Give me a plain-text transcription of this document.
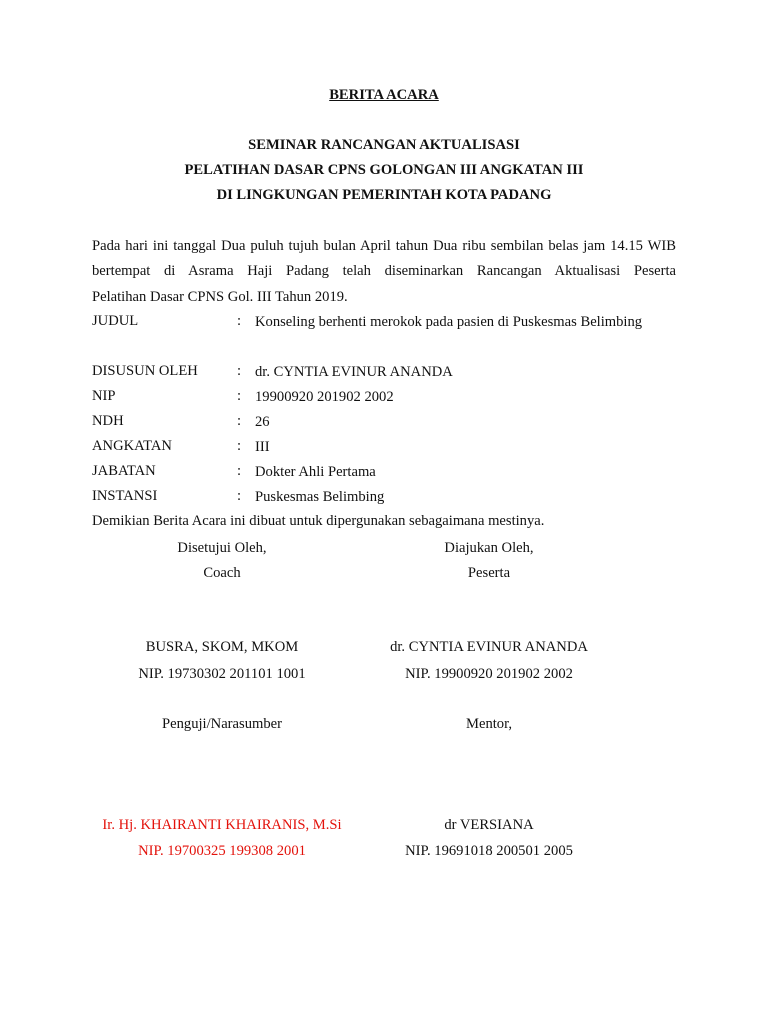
BERITA ACARA
SEMINAR RANCANGAN AKTUALISASI
PELATIHAN DASAR CPNS GOLONGAN III ANGKATAN III
DI LINGKUNGAN PEMERINTAH KOTA PADANG
Pada hari ini tanggal Dua puluh tujuh bulan April tahun Dua ribu sembilan belas jam 14.15 WIB bertempat di Asrama Haji Padang telah diseminarkan Rancangan Aktualisasi Peserta
Pelatihan Dasar CPNS Gol. III Tahun 2019.
JUDUL	: Konseling berhenti merokok pada pasien di Puskesmas Belimbing
DISUSUN OLEH	: dr. CYNTIA EVINUR ANANDA
NIP	: 19900920 201902 2002
NDH	: 26
ANGKATAN	: III
JABATAN	: Dokter Ahli Pertama
INSTANSI	: Puskesmas Belimbing
Demikian Berita Acara ini dibuat untuk dipergunakan sebagaimana mestinya.
Disetujui Oleh,
Coach
BUSRA, SKOM, MKOM
NIP. 19730302 201101 1001
Diajukan Oleh,
Peserta
dr. CYNTIA EVINUR ANANDA
NIP. 19900920 201902 2002
Penguji/Narasumber
Ir. Hj. KHAIRANTI KHAIRANIS, M.Si
NIP. 19700325 199308 2001
Mentor,
dr VERSIANA
NIP. 19691018 200501 2005
